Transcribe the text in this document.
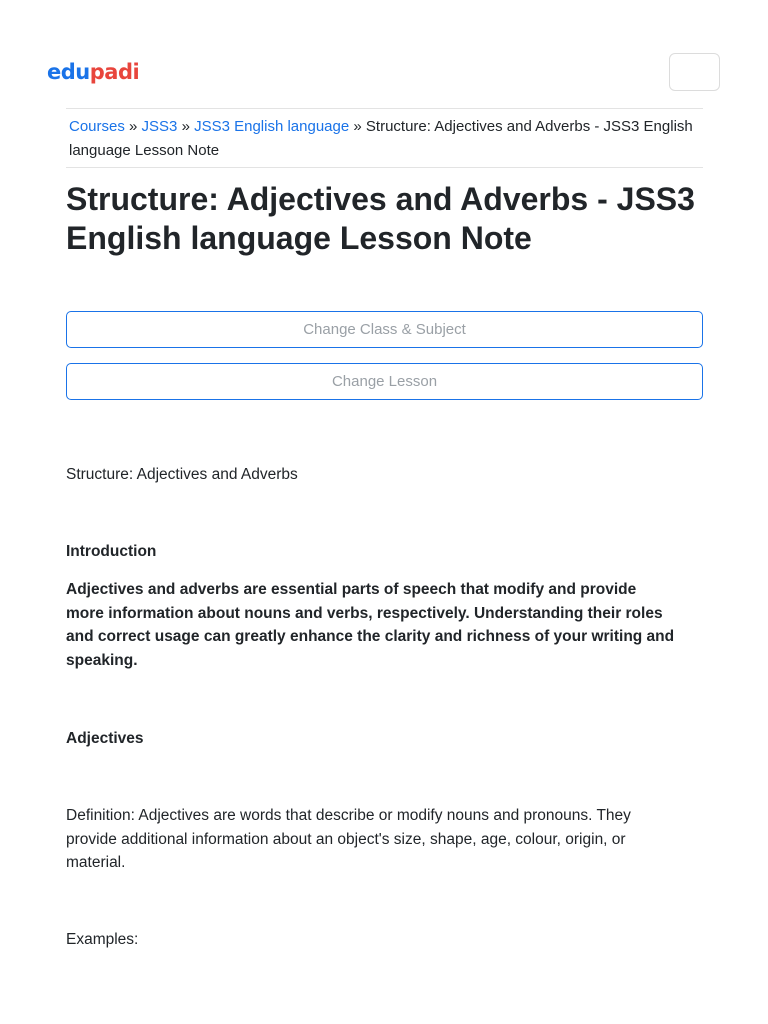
edupadi
Courses » JSS3 » JSS3 English language » Structure: Adjectives and Adverbs - JSS3 English language Lesson Note
Structure: Adjectives and Adverbs - JSS3 English language Lesson Note
Change Class & Subject
Change Lesson

Structure: Adjectives and Adverbs

Introduction

Adjectives and adverbs are essential parts of speech that modify and provide more information about nouns and verbs, respectively. Understanding their roles and correct usage can greatly enhance the clarity and richness of your writing and speaking.

Adjectives

Definition: Adjectives are words that describe or modify nouns and pronouns. They provide additional information about an object's size, shape, age, colour, origin, or material.

Examples:
